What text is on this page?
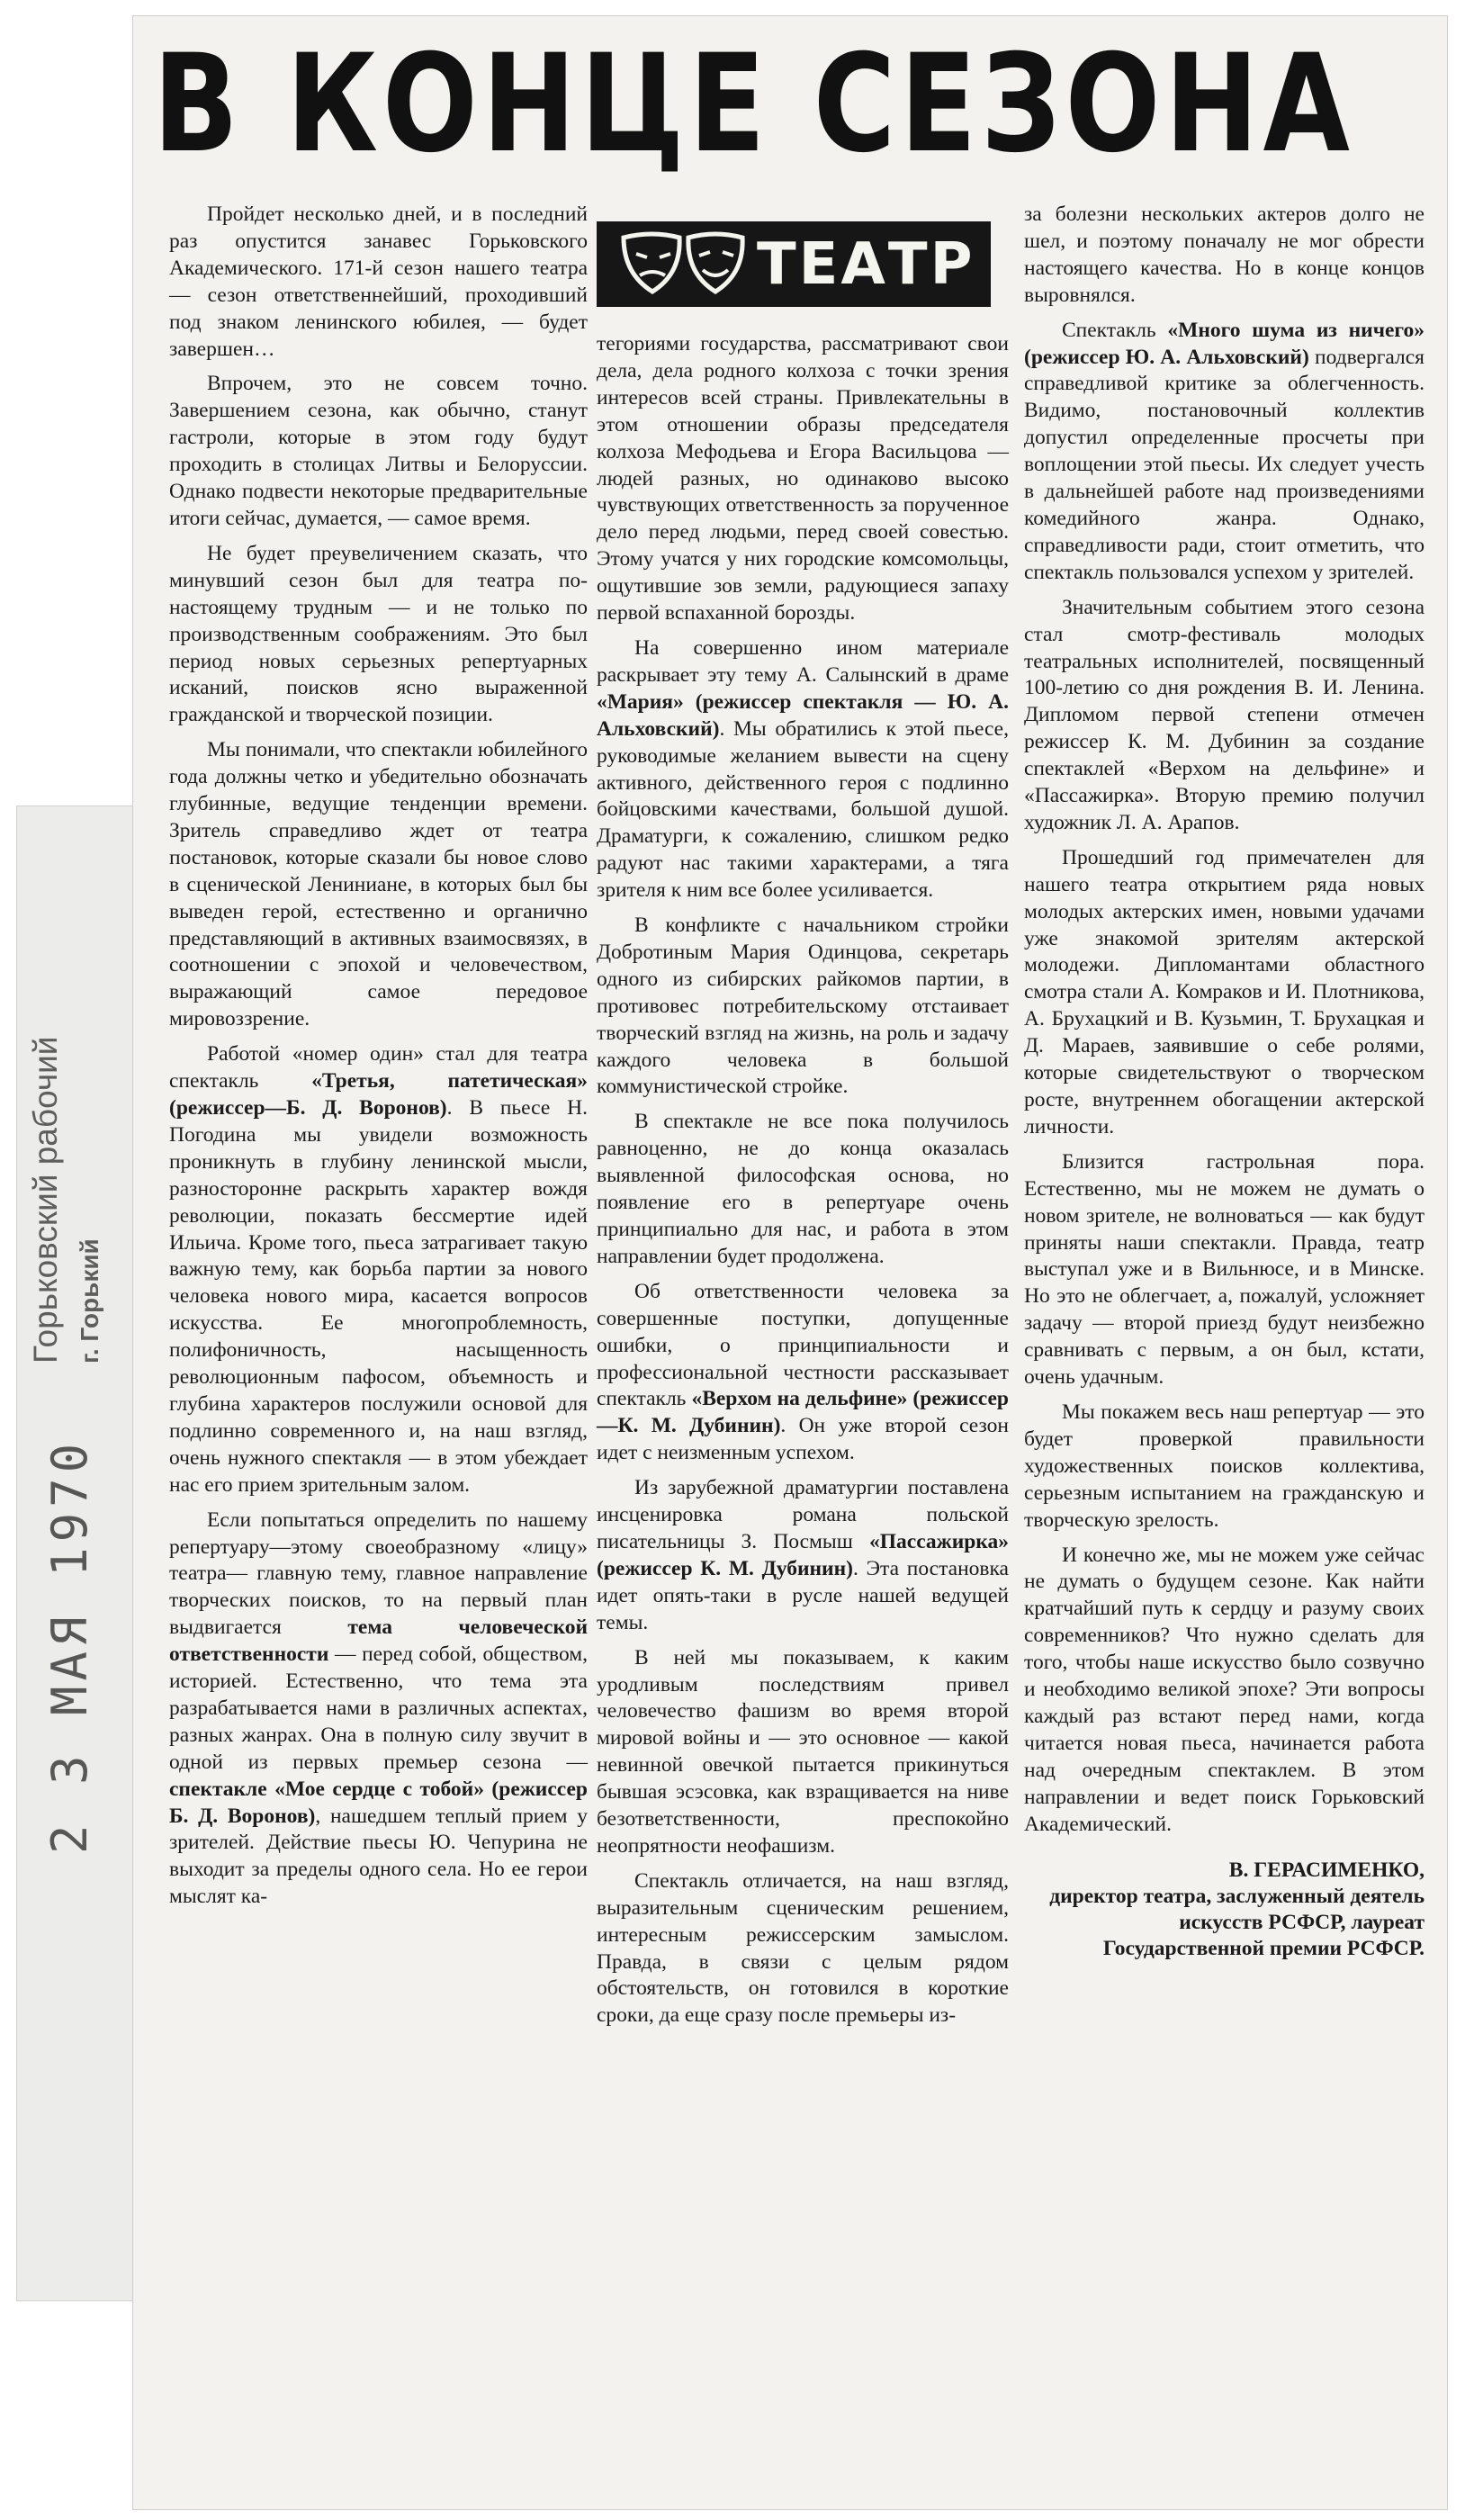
Горьковский рабочий г. Горький
2 3 МАЯ 1970
В КОНЦЕ СЕЗОНА
ТЕАТР

Пройдет несколько дней, и в последний раз опустится занавес Горьковского Академического. 171-й сезон нашего театра — сезон ответственнейший, проходивший под знаком ленинского юбилея, — будет завершен…

Впрочем, это не совсем точно. Завершением сезона, как обычно, станут гастроли, которые в этом году будут проходить в столицах Литвы и Белоруссии. Однако подвести некоторые предварительные итоги сейчас, думается, — самое время.

Не будет преувеличением сказать, что минувший сезон был для театра по-настоящему трудным — и не только по производственным соображениям. Это был период новых серьезных репертуарных исканий, поисков ясно выраженной гражданской и творческой позиции.

Мы понимали, что спектакли юбилейного года должны четко и убедительно обозначать глубинные, ведущие тенденции времени. Зритель справедливо ждет от театра постановок, которые сказали бы новое слово в сценической Лениниане, в которых был бы выведен герой, естественно и органично представляющий в активных взаимосвязях, в соотношении с эпохой и человечеством, выражающий самое передовое мировоззрение.

Работой «номер один» стал для театра спектакль «Третья, патетическая» (режиссер—Б. Д. Воронов). В пьесе Н. Погодина мы увидели возможность проникнуть в глубину ленинской мысли, разносторонне раскрыть характер вождя революции, показать бессмертие идей Ильича. Кроме того, пьеса затрагивает такую важную тему, как борьба партии за нового человека нового мира, касается вопросов искусства. Ее многопроблемность, полифоничность, насыщенность революционным пафосом, объемность и глубина характеров послужили основой для подлинно современного и, на наш взгляд, очень нужного спектакля — в этом убеждает нас его прием зрительным залом.

Если попытаться определить по нашему репертуару—этому своеобразному «лицу» театра— главную тему, главное направление творческих поисков, то на первый план выдвигается тема человеческой ответственности — перед собой, обществом, историей. Естественно, что тема эта разрабатывается нами в различных аспектах, разных жанрах. Она в полную силу звучит в одной из первых премьер сезона — спектакле «Мое сердце с тобой» (режиссер Б. Д. Воронов), нашедшем теплый прием у зрителей. Действие пьесы Ю. Чепурина не выходит за пределы одного села. Но ее герои мыслят ка-

тегориями государства, рассматривают свои дела, дела родного колхоза с точки зрения интересов всей страны. Привлекательны в этом отношении образы председателя колхоза Мефодьева и Егора Васильцова — людей разных, но одинаково высоко чувствующих ответственность за порученное дело перед людьми, перед своей совестью. Этому учатся у них городские комсомольцы, ощутившие зов земли, радующиеся запаху первой вспаханной борозды.

На совершенно ином материале раскрывает эту тему А. Салынский в драме «Мария» (режиссер спектакля — Ю. А. Альховский). Мы обратились к этой пьесе, руководимые желанием вывести на сцену активного, действенного героя с подлинно бойцовскими качествами, большой душой. Драматурги, к сожалению, слишком редко радуют нас такими характерами, а тяга зрителя к ним все более усиливается.

В конфликте с начальником стройки Добротиным Мария Одинцова, секретарь одного из сибирских райкомов партии, в противовес потребительскому отстаивает творческий взгляд на жизнь, на роль и задачу каждого человека в большой коммунистической стройке.

В спектакле не все пока получилось равноценно, не до конца оказалась выявленной философская основа, но появление его в репертуаре очень принципиально для нас, и работа в этом направлении будет продолжена.

Об ответственности человека за совершенные поступки, допущенные ошибки, о принципиальности и профессиональной честности рассказывает спектакль «Верхом на дельфине» (режиссер—К. М. Дубинин). Он уже второй сезон идет с неизменным успехом.

Из зарубежной драматургии поставлена инсценировка романа польской писательницы З. Посмыш «Пассажирка» (режиссер К. М. Дубинин). Эта постановка идет опять-таки в русле нашей ведущей темы.

В ней мы показываем, к каким уродливым последствиям привел человечество фашизм во время второй мировой войны и — это основное — какой невинной овечкой пытается прикинуться бывшая эсэсовка, как взращивается на ниве безответственности, преспокойно неопрятности неофашизм.

Спектакль отличается, на наш взгляд, выразительным сценическим решением, интересным режиссерским замыслом. Правда, в связи с целым рядом обстоятельств, он готовился в короткие сроки, да еще сразу после премьеры из-

за болезни нескольких актеров долго не шел, и поэтому поначалу не мог обрести настоящего качества. Но в конце концов выровнялся.

Спектакль «Много шума из ничего» (режиссер Ю. А. Альховский) подвергался справедливой критике за облегченность. Видимо, постановочный коллектив допустил определенные просчеты при воплощении этой пьесы. Их следует учесть в дальнейшей работе над произведениями комедийного жанра. Однако, справедливости ради, стоит отметить, что спектакль пользовался успехом у зрителей.

Значительным событием этого сезона стал смотр-фестиваль молодых театральных исполнителей, посвященный 100-летию со дня рождения В. И. Ленина. Дипломом первой степени отмечен режиссер К. М. Дубинин за создание спектаклей «Верхом на дельфине» и «Пассажирка». Вторую премию получил художник Л. А. Арапов.

Прошедший год примечателен для нашего театра открытием ряда новых молодых актерских имен, новыми удачами уже знакомой зрителям актерской молодежи. Дипломантами областного смотра стали А. Комраков и И. Плотникова, А. Брухацкий и В. Кузьмин, Т. Брухацкая и Д. Мараев, заявившие о себе ролями, которые свидетельствуют о творческом росте, внутреннем обогащении актерской личности.

Близится гастрольная пора. Естественно, мы не можем не думать о новом зрителе, не волноваться — как будут приняты наши спектакли. Правда, театр выступал уже и в Вильнюсе, и в Минске. Но это не облегчает, а, пожалуй, усложняет задачу — второй приезд будут неизбежно сравнивать с первым, а он был, кстати, очень удачным.

Мы покажем весь наш репертуар — это будет проверкой правильности художественных поисков коллектива, серьезным испытанием на гражданскую и творческую зрелость.

И конечно же, мы не можем уже сейчас не думать о будущем сезоне. Как найти кратчайший путь к сердцу и разуму своих современников? Что нужно сделать для того, чтобы наше искусство было созвучно и необходимо великой эпохе? Эти вопросы каждый раз встают перед нами, когда читается новая пьеса, начинается работа над очередным спектаклем. В этом направлении и ведет поиск Горьковский Академический.

В. ГЕРАСИМЕНКО,
директор театра, заслуженный деятель искусств РСФСР, лауреат Государственной премии РСФСР.
